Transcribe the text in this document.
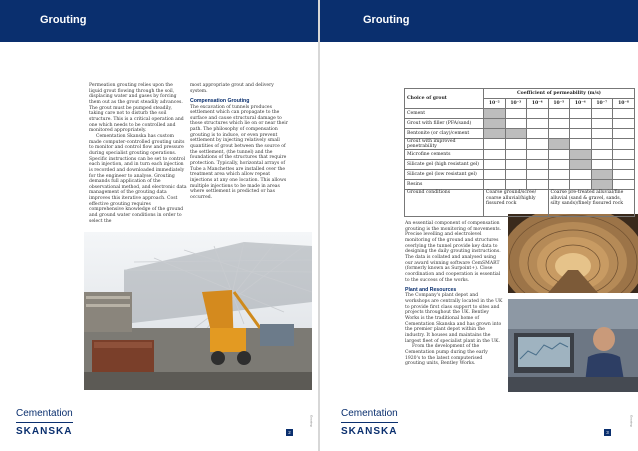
Grouting

Permeation grouting relies upon the liquid grout flowing through the soil, displacing water and gases by forcing them out as the grout steadily advances. The grout must be pumped steadily, taking care not to disturb the soil structure. This is a critical operation and one which needs to be controlled and monitored appropriately.

Cementation Skanska has custom made computer-controlled grouting units to monitor and control flow and pressure during specialist grouting operations. Specific instructions can be set to control each injection, and in turn each injection is recorded and downloaded immediately for the engineer to analyse. Grouting demands full application of the observational method, and electronic data management of the grouting data improves this iterative approach. Cost effective grouting requires comprehensive knowledge of the ground and ground water conditions in order to select the

most appropriate grout and delivery system.

Compensation Grouting

The excavation of tunnels produces settlement which can propagate to the surface and cause structural damage to those structures which lie on or near their path. The philosophy of compensation grouting is to induce, or even prevent settlement by injecting relatively small quantities of grout between the source of the settlement, (the tunnel) and the foundations of the structures that require protection. Typically, horizontal arrays of Tube a Manchettes are installed over the treatment area which allow repeat injections at any one location. This allows multiple injections to be made in areas where settlement is predicted or has occurred.

Cementation
SKANSKA
Grouting
2
Grouting
Choice of grout	Coefficient of permeability (m/s)						
	10⁻²	10⁻³	10⁻⁴	10⁻⁵	10⁻⁶	10⁻⁷	10⁻⁸
Cement							
Grout with filler (PFA/sand)							
Bentonite (or clay)/cement							
Grout with improved penetrability							
Microfine cements							
Silicate gel (high resistant gel)							
Silicate gel (low resistant gel)							
Resins							
Ground conditions	Coarse ground/scree/ coarse alluvial/highly fissured rock			Coarse pre-treated alluvial/fine alluvial (sand & gravel, sands, silty sands)/finely fissured rock			

An essential component of compensation grouting is the monitoring of movements. Precise levelling and electrolevel monitoring of the ground and structures overlying the tunnel provide key data to designing the daily grouting instructions. The data is collated and analysed using our award winning software CemSMART (formerly known as Surpoint+). Close coordination and cooperation is essential to the success of the works.

Plant and Resources

The Company's plant depot and workshops are centrally located in the UK to provide first class support to sites and projects throughout the UK. Bentley Works is the traditional home of Cementation Skanska and has grown into the premier plant depot within the industry. It houses and maintains the largest fleet of specialist plant in the UK.

From the development of the Cementation pump during the early 1920's to the latest computerised grouting units, Bentley Works.

Cementation
SKANSKA
Grouting
3
